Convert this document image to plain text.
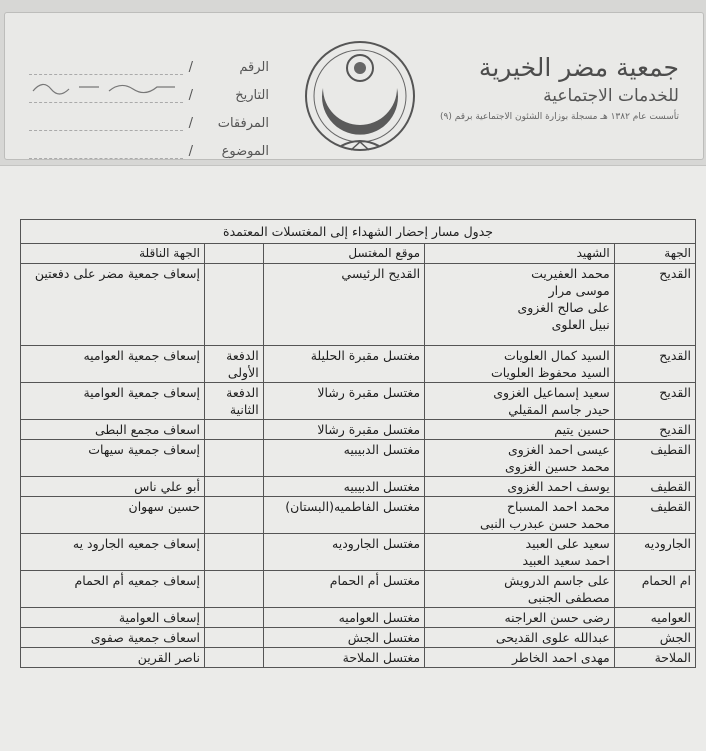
جمعية مضر الخيرية
للخدمات الاجتماعية
تأسست عام ١٣٨٢ هـ مسجلة بوزارة الشئون الاجتماعية برقم (٩)
الرقم
/
التاريخ
/
المرفقات
/
الموضوع
/
جدول مسار إحضار الشهداء إلى المغتسلات المعتمدة				
الجهة	الشهيد	موقع المغتسل		الجهة الناقلة
القديح	محمد العفيريت
موسى مرار
على صالح الغزوى
نبيل العلوى	القديح الرئيسي		إسعاف جمعية مضر على دفعتين
القديح	السيد كمال العلويات
السيد محفوظ العلويات	مغتسل مقبرة الحليلة	الدفعة الأولى	إسعاف جمعية العواميه
القديح	سعيد إسماعيل الغزوى
حيدر جاسم المقيلي	مغتسل مقبرة رشالا	الدفعة الثانية	إسعاف جمعية العوامية
القديح	حسين يتيم	مغتسل مقبرة رشالا		اسعاف مجمع البطى
القطيف	عيسى احمد الغزوى
محمد حسين الغزوى	مغتسل الدبيبيه		إسعاف جمعية سيهات
القطيف	يوسف احمد الغزوى	مغتسل الدبيبيه		أبو علي ناس
القطيف	محمد احمد المسباح
محمد حسن عبدرب النبى	مغتسل الفاطميه(البستان)		حسين سهوان
الجاروديه	سعيد على العبيد
احمد سعيد العبيد	مغتسل الجاروديه		إسعاف جمعيه الجارود يه
ام الحمام	على جاسم الدرويش
مصطفى الجنبى	مغتسل أم الحمام		إسعاف جمعيه أم الحمام
العواميه	رضى حسن العراجنه	مغتسل العواميه		إسعاف العوامية
الجش	عبدالله علوى القديحى	مغتسل الجش		اسعاف جمعية صفوى
الملاحة	مهدى احمد الخاطر	مغتسل الملاحة		ناصر القرين
